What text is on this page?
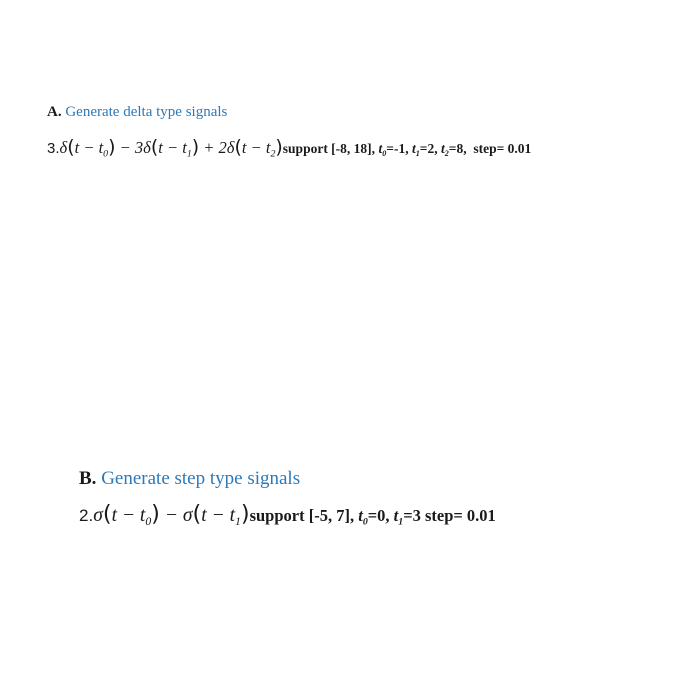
A. Generate delta type signals
$3.\delta(t - t_0) - 3\delta(t - t_1) + 2\delta(t$ − $t_2)support$ [-8, 18], $t_0=-1$, $t_1=2$, $t_2=8$, step= 0.01
B. Generate step type signals
$2.\sigma(t - t_0) - \sigma(t$ − $t_1)support$ [-5, 7], $t_0=0$, $t_1=3$ step= 0.01
